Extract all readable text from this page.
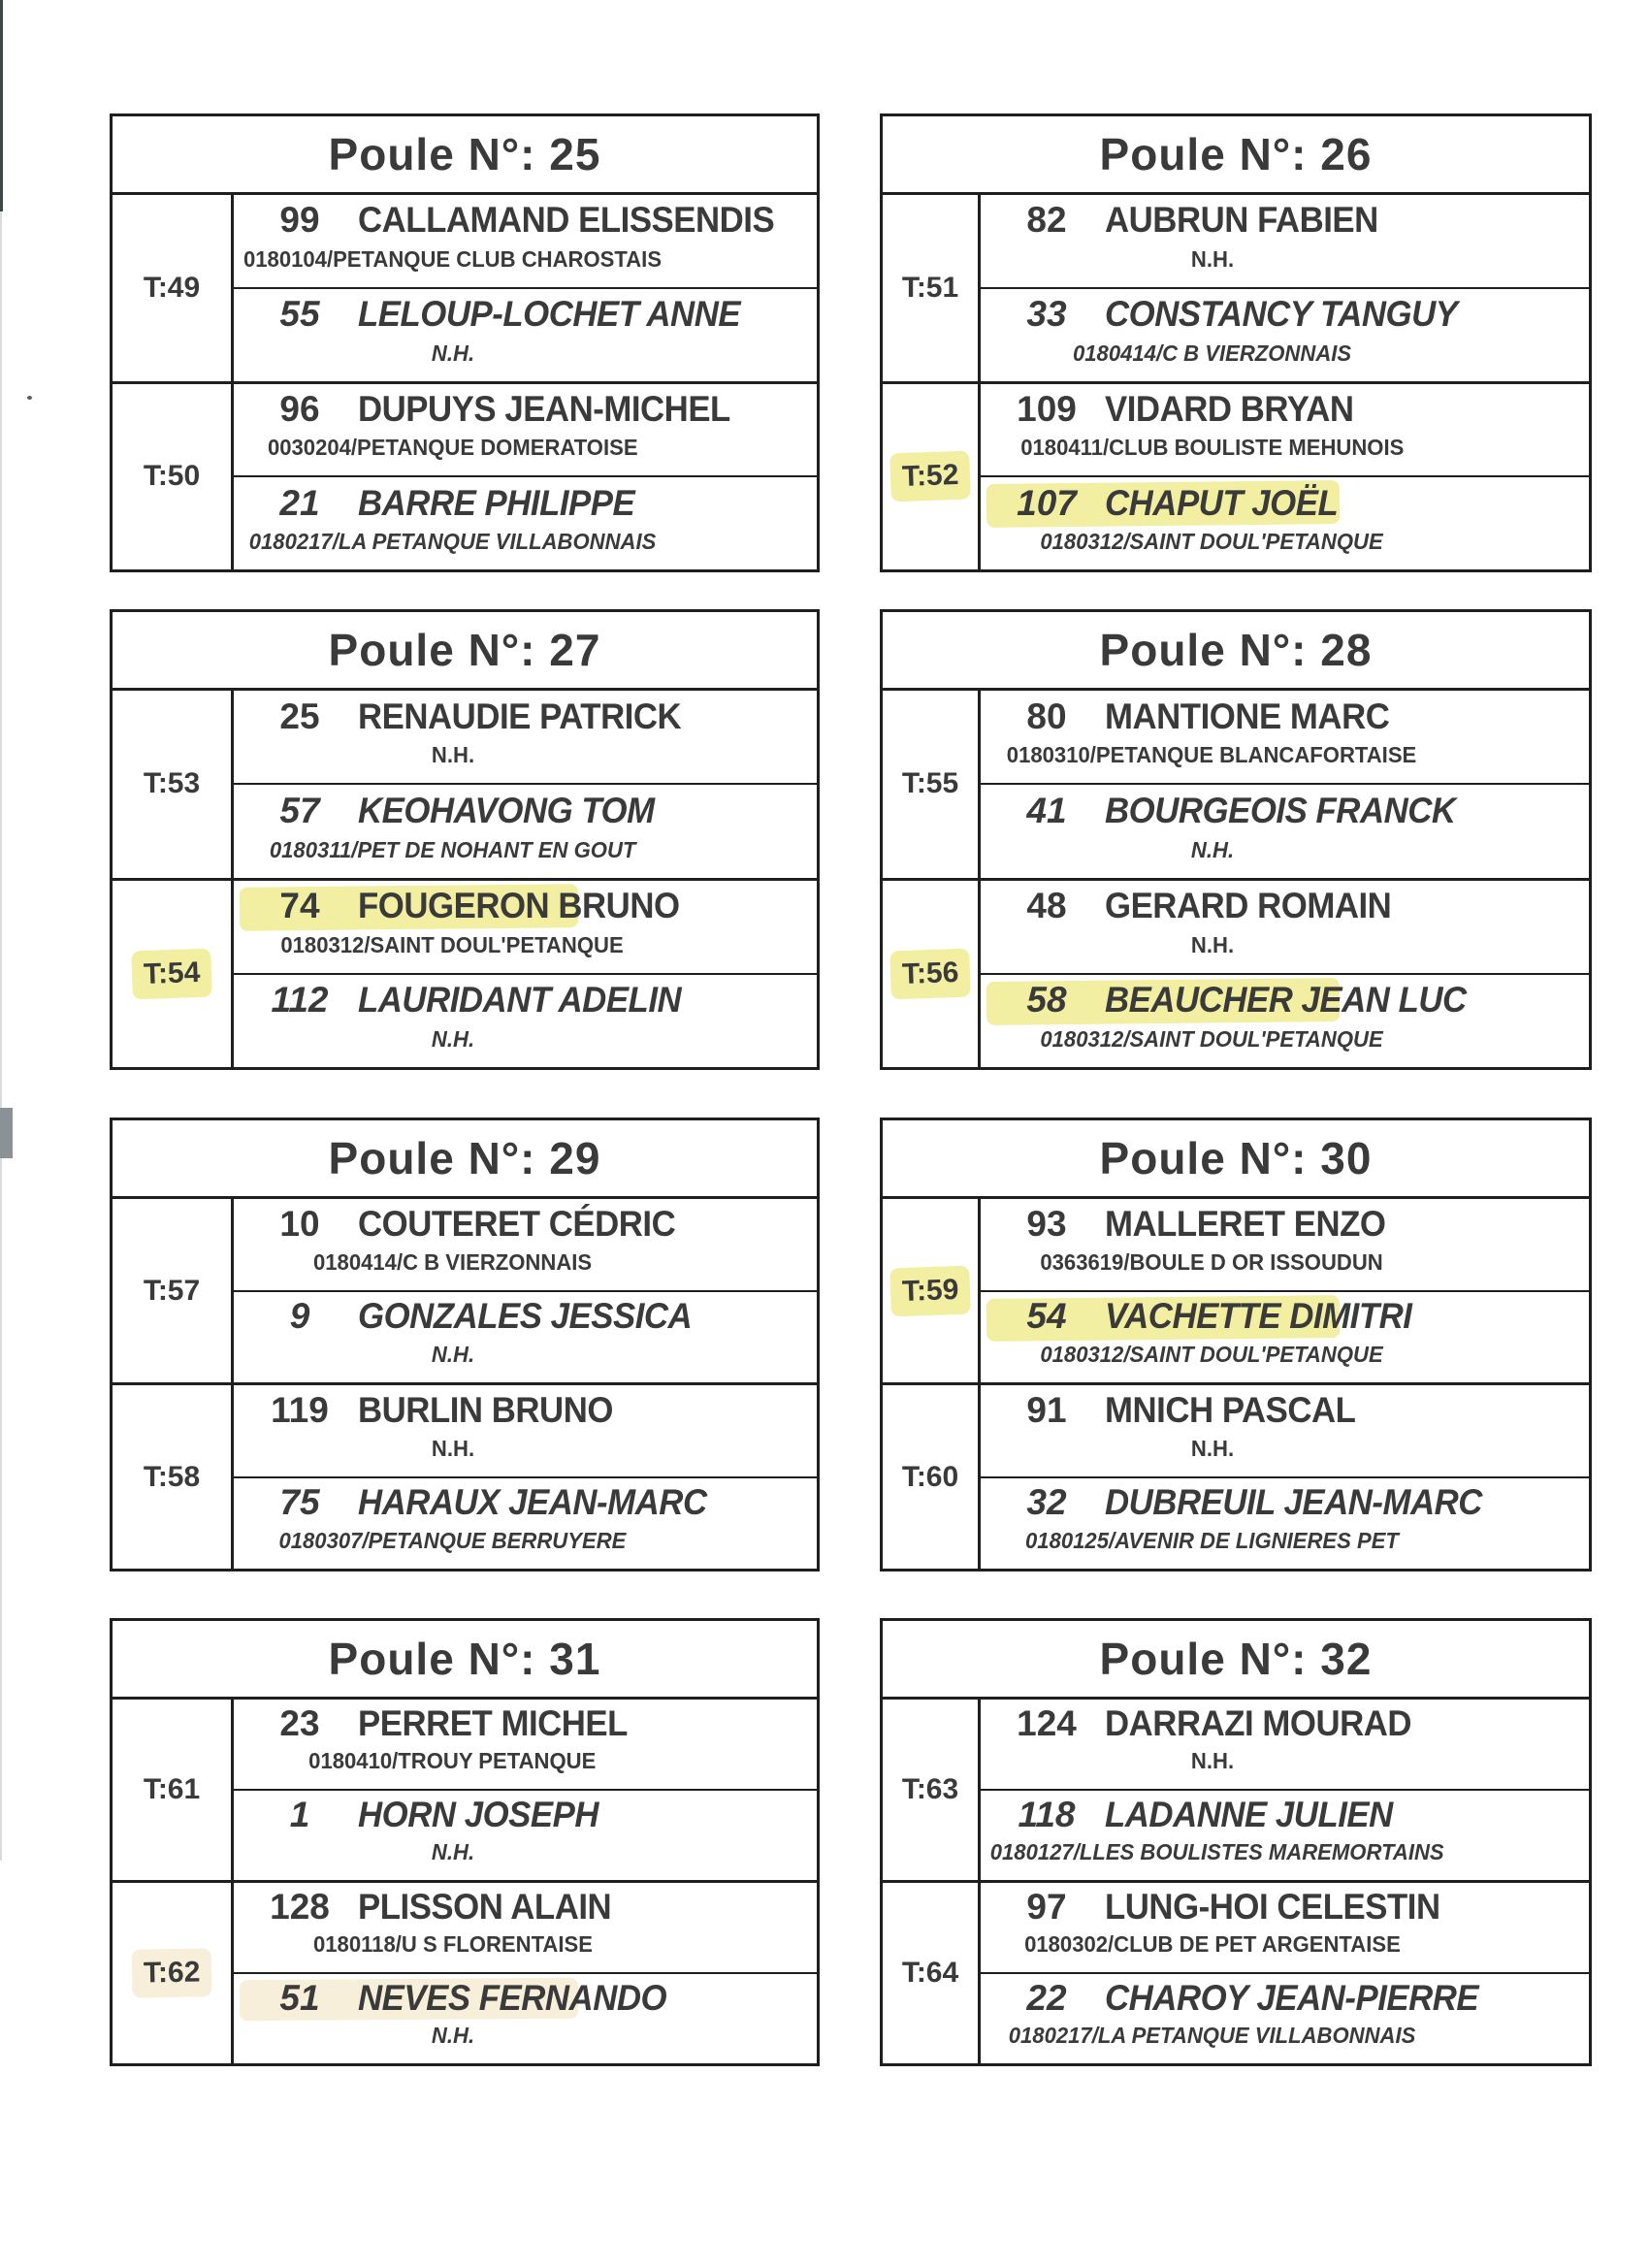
Poule N°: 25
T:49
99	CALLAMAND ELISSENDIS
0180104/PETANQUE CLUB CHAROSTAIS
55	LELOUP-LOCHET ANNE
N.H.
T:50
96	DUPUYS JEAN-MICHEL
0030204/PETANQUE DOMERATOISE
21	BARRE PHILIPPE
0180217/LA PETANQUE VILLABONNAIS
Poule N°: 26
T:51
82	AUBRUN FABIEN
N.H.
33	CONSTANCY TANGUY
0180414/C B VIERZONNAIS
T:52
109 VIDARD BRYAN
0180411/CLUB BOULISTE MEHUNOIS
107 CHAPUT JOËL
0180312/SAINT DOUL'PETANQUE
Poule N°: 27
T:53
25	RENAUDIE PATRICK
N.H.
57	KEOHAVONG TOM
0180311/PET DE NOHANT EN GOUT
T:54
74	FOUGERON BRUNO
0180312/SAINT DOUL'PETANQUE
112 LAURIDANT ADELIN
N.H.
Poule N°: 28
T:55
80	MANTIONE MARC
0180310/PETANQUE BLANCAFORTAISE
41	BOURGEOIS FRANCK
N.H.
T:56
48	GERARD ROMAIN
N.H.
58	BEAUCHER JEAN LUC
0180312/SAINT DOUL'PETANQUE
Poule N°: 29
T:57
10	COUTERET CÉDRIC
0180414/C B VIERZONNAIS
9	GONZALES JESSICA
N.H.
T:58
119 BURLIN BRUNO
N.H.
75	HARAUX JEAN-MARC
0180307/PETANQUE BERRUYERE
Poule N°: 30
T:59
93	MALLERET ENZO
0363619/BOULE D OR ISSOUDUN
54	VACHETTE DIMITRI
0180312/SAINT DOUL'PETANQUE
T:60
91	MNICH PASCAL
N.H.
32	DUBREUIL JEAN-MARC
0180125/AVENIR DE LIGNIERES PET
Poule N°: 31
T:61
23	PERRET MICHEL
0180410/TROUY PETANQUE
1	HORN JOSEPH
N.H.
T:62
128 PLISSON ALAIN
0180118/U S FLORENTAISE
51	NEVES FERNANDO
N.H.
Poule N°: 32
T:63
124 DARRAZI MOURAD
N.H.
118 LADANNE JULIEN
0180127/LLES BOULISTES MAREMORTAINS
T:64
97	LUNG-HOI CELESTIN
0180302/CLUB DE PET ARGENTAISE
22	CHAROY JEAN-PIERRE
0180217/LA PETANQUE VILLABONNAIS
